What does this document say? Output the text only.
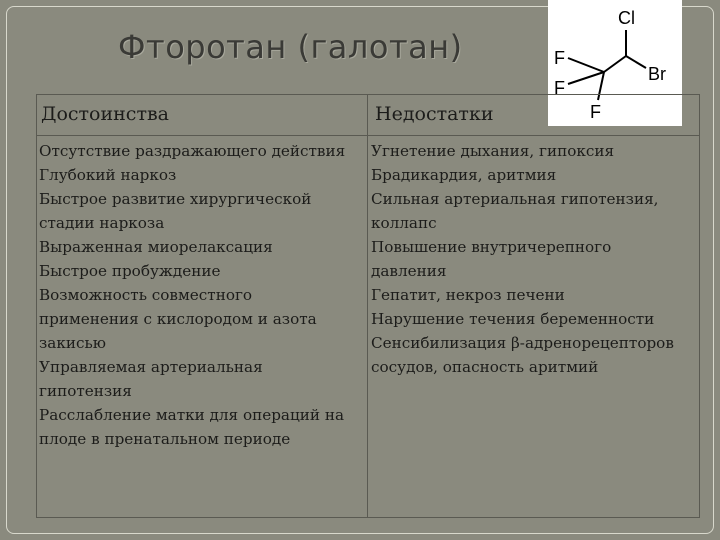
Фторотан (галотан)
Cl
F
F
F
Br
Достоинства	Недостатки
Отсутствие раздражающего действия
Глубокий наркоз
Быстрое развитие хирургической
стадии наркоза
Выраженная миорелаксация
Быстрое пробуждение
Возможность совместного
применения с кислородом и азота
закисью
Управляемая артериальная
гипотензия
Расслабление матки для операций на
плоде в пренатальном периоде
Угнетение дыхания, гипоксия
Брадикардия, аритмия
Сильная артериальная гипотензия,
коллапс
Повышение внутричерепного
давления
Гепатит, некроз печени
Нарушение течения беременности
Сенсибилизация β-адренорецепторов
сосудов, опасность аритмий
